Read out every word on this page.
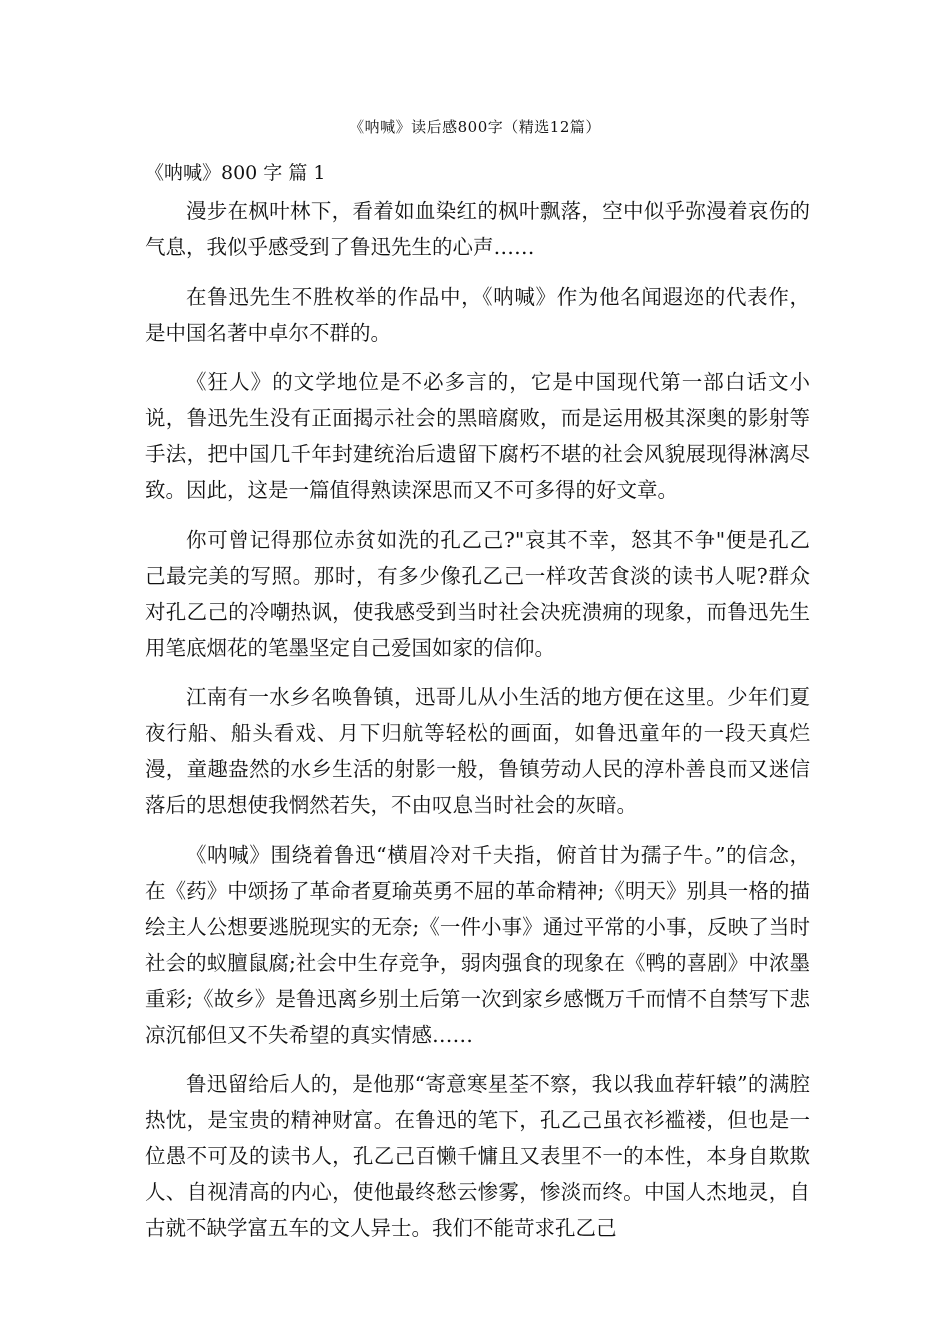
《呐喊》读后感800字（精选12篇）
《呐喊》800 字 篇 1

漫步在枫叶林下，看着如血染红的枫叶飘落，空中似乎弥漫着哀伤的气息，我似乎感受到了鲁迅先生的心声……

在鲁迅先生不胜枚举的作品中，《呐喊》作为他名闻遐迩的代表作，是中国名著中卓尔不群的。

《狂人》的文学地位是不必多言的，它是中国现代第一部白话文小说，鲁迅先生没有正面揭示社会的黑暗腐败，而是运用极其深奥的影射等手法，把中国几千年封建统治后遗留下腐朽不堪的社会风貌展现得淋漓尽致。因此，这是一篇值得熟读深思而又不可多得的好文章。

你可曾记得那位赤贫如洗的孔乙己?"哀其不幸，怒其不争"便是孔乙己最完美的写照。那时，有多少像孔乙己一样攻苦食淡的读书人呢?群众对孔乙己的冷嘲热讽，使我感受到当时社会决疣溃痈的现象，而鲁迅先生用笔底烟花的笔墨坚定自己爱国如家的信仰。

江南有一水乡名唤鲁镇，迅哥儿从小生活的地方便在这里。少年们夏夜行船、船头看戏、月下归航等轻松的画面，如鲁迅童年的一段天真烂漫，童趣盎然的水乡生活的射影一般，鲁镇劳动人民的淳朴善良而又迷信落后的思想使我惘然若失，不由叹息当时社会的灰暗。

《呐喊》围绕着鲁迅“横眉冷对千夫指，俯首甘为孺子牛。”的信念，在《药》中颂扬了革命者夏瑜英勇不屈的革命精神;《明天》别具一格的描绘主人公想要逃脱现实的无奈;《一件小事》通过平常的小事，反映了当时社会的蚁膻鼠腐;社会中生存竞争，弱肉强食的现象在《鸭的喜剧》中浓墨重彩;《故乡》是鲁迅离乡别土后第一次到家乡感慨万千而情不自禁写下悲凉沉郁但又不失希望的真实情感……

鲁迅留给后人的，是他那“寄意寒星荃不察，我以我血荐轩辕”的满腔热忱，是宝贵的精神财富。在鲁迅的笔下，孔乙己虽衣衫褴褛，但也是一位愚不可及的读书人，孔乙己百懒千慵且又表里不一的本性，本身自欺欺人、自视清高的内心，使他最终愁云惨雾，惨淡而终。中国人杰地灵，自古就不缺学富五车的文人异士。我们不能苛求孔乙己
